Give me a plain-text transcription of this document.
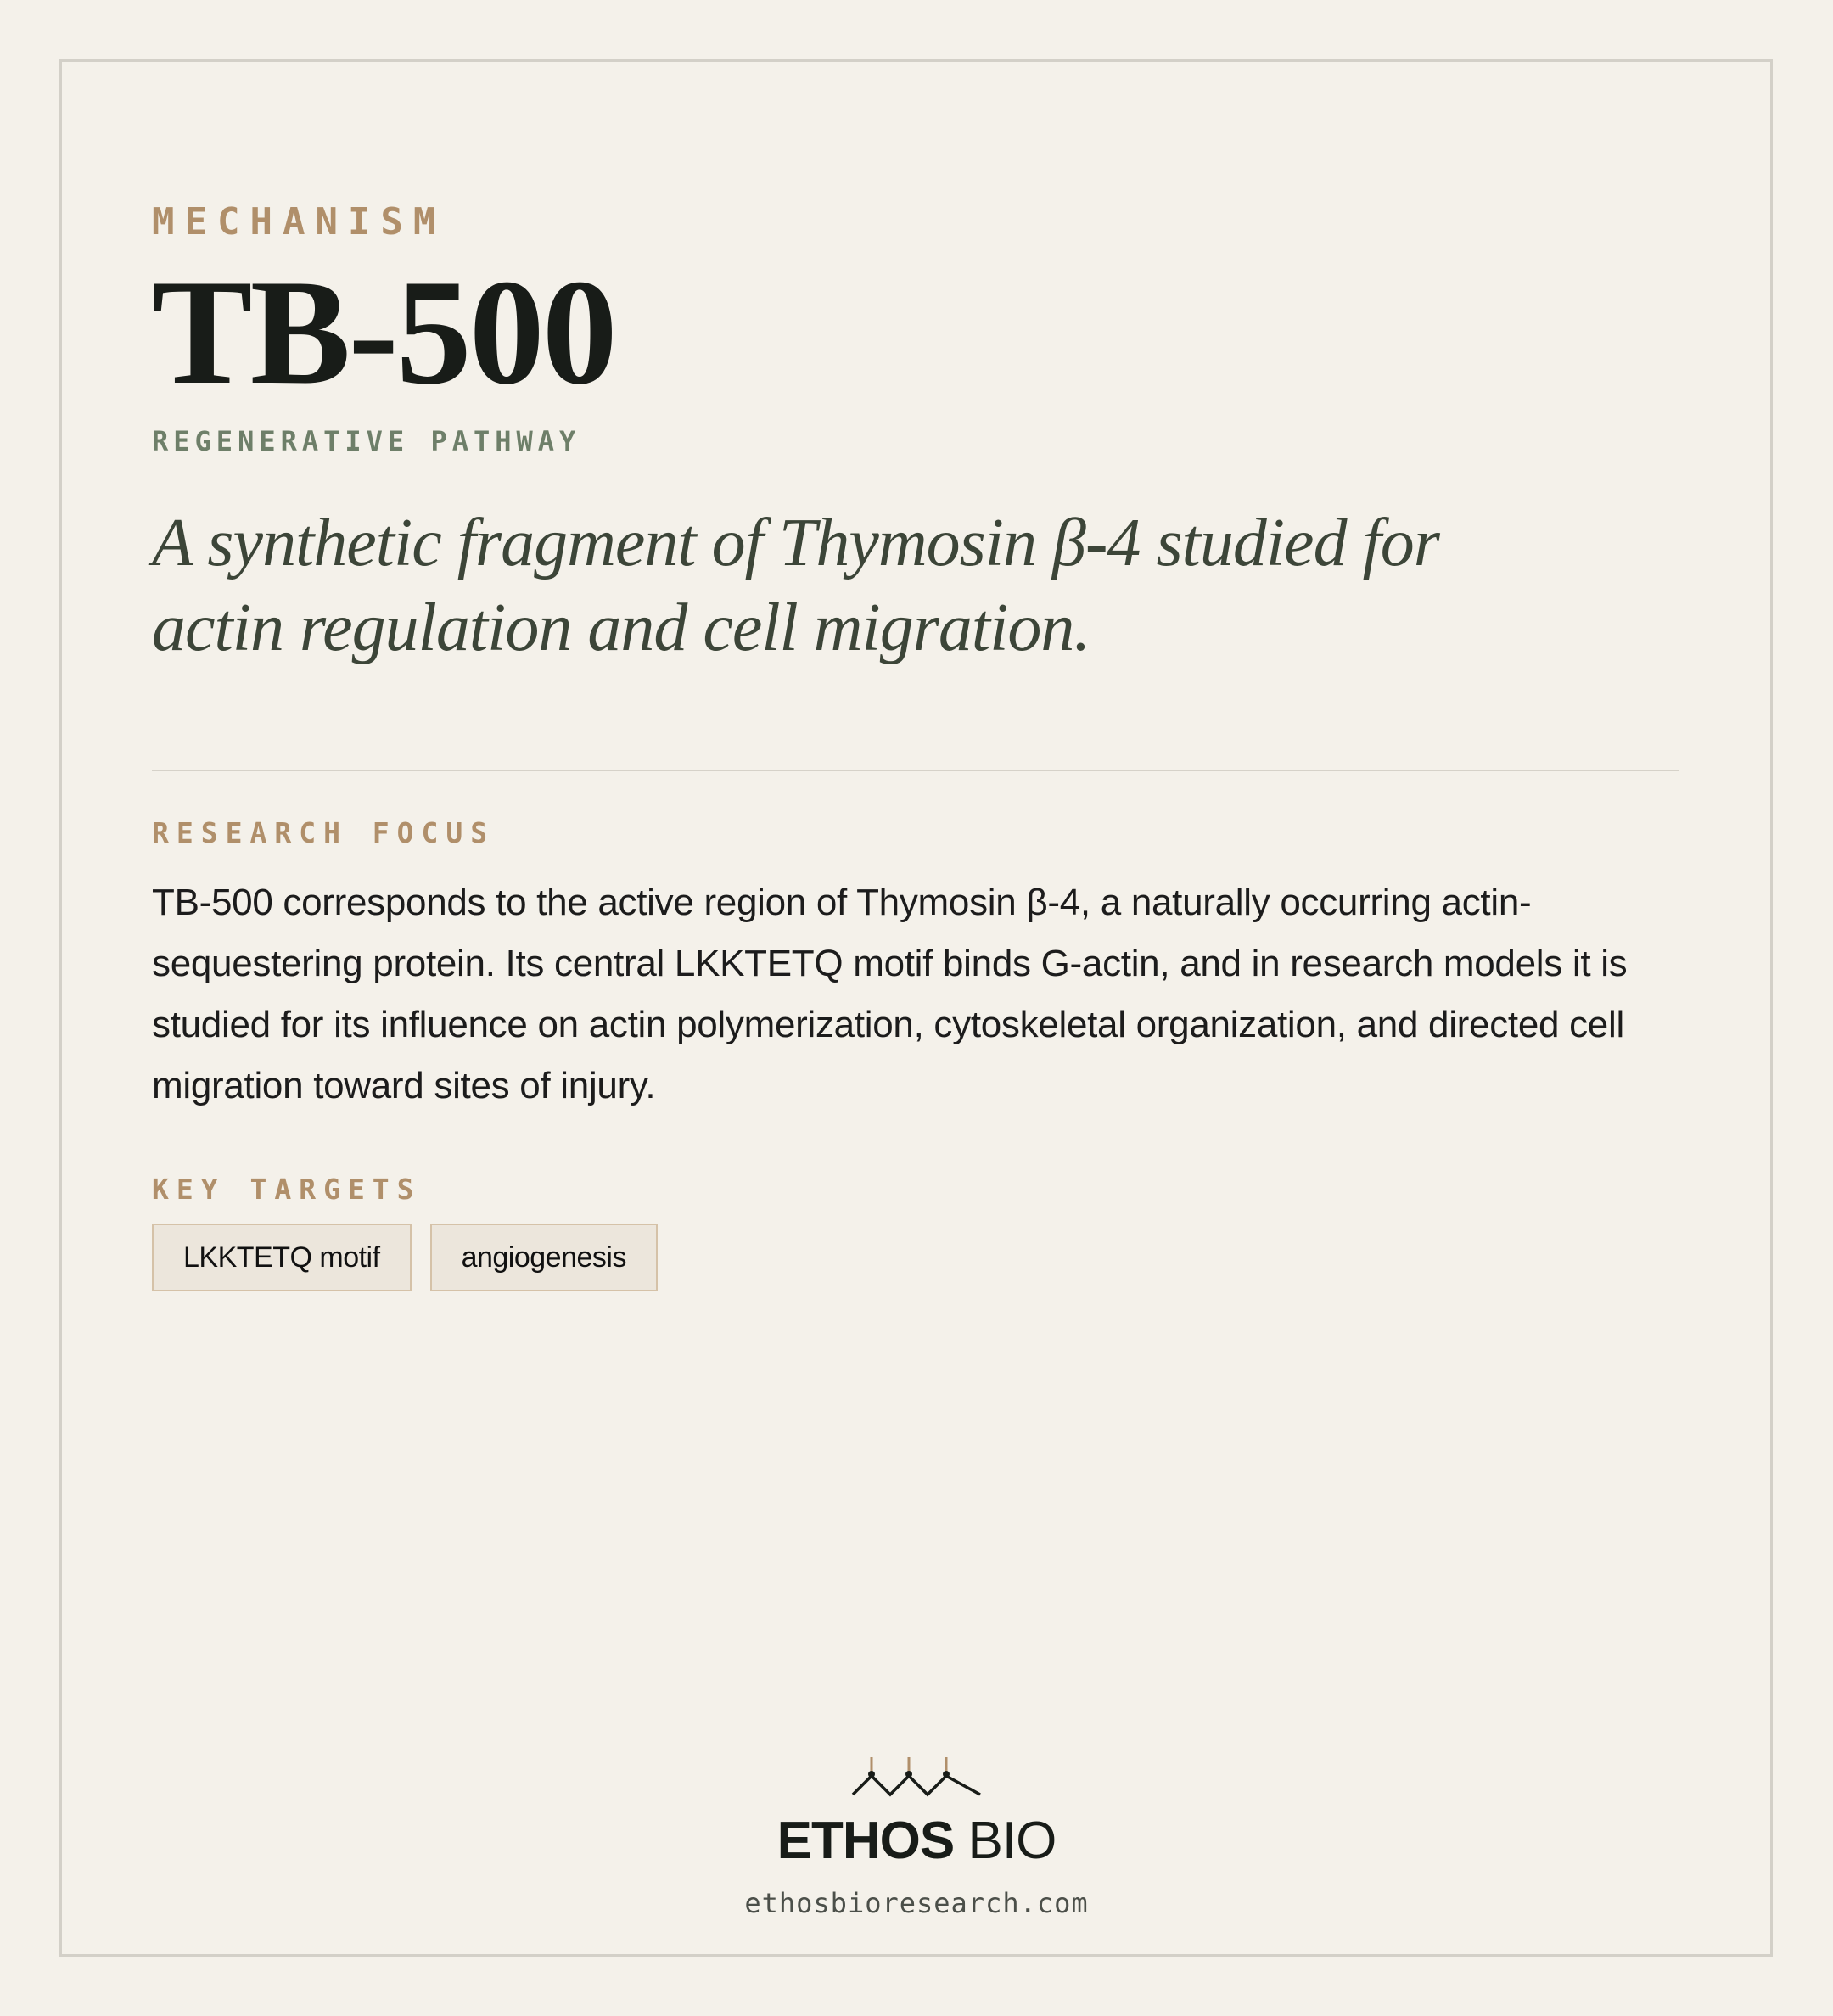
MECHANISM
TB-500
REGENERATIVE PATHWAY

A synthetic fragment of Thymosin β-4 studied for actin regulation and cell migration.

RESEARCH FOCUS

TB-500 corresponds to the active region of Thymosin β-4, a naturally occurring actin-sequestering protein. Its central LKKTETQ motif binds G-actin, and in research models it is studied for its influence on actin polymerization, cytoskeletal organization, and directed cell migration toward sites of injury.

KEY TARGETS
LKKTETQ motif	angiogenesis
ETHOS BIO
ethosbioresearch.com
